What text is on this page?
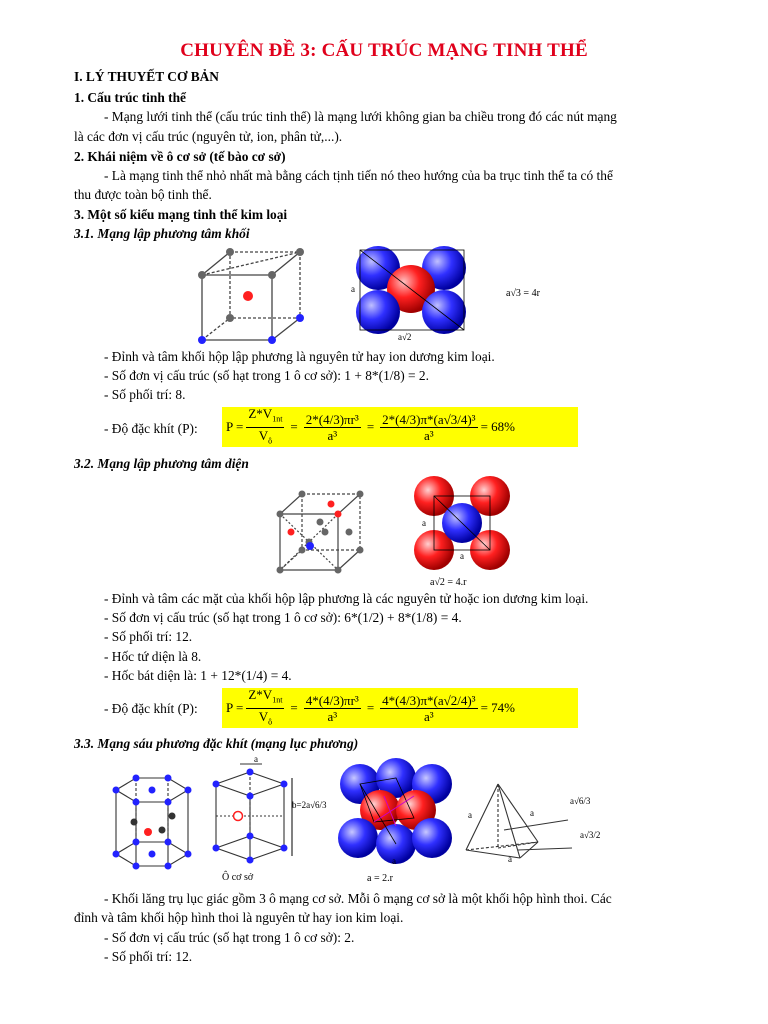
CHUYÊN ĐỀ 3: CẤU TRÚC MẠNG TINH THỂ
I. LÝ THUYẾT CƠ BẢN
1. Cấu trúc tinh thể
- Mạng lưới tinh thể (cấu trúc tinh thể) là mạng lưới không gian ba chiều trong đó các nút mạng
là các đơn vị cấu trúc (nguyên tử, ion, phân tử,...).
2. Khái niệm về ô cơ sở (tế bào cơ sở)
- Là mạng tinh thể nhỏ nhất mà bằng cách tịnh tiến nó theo hướng của ba trục tinh thể ta có thể
thu được toàn bộ tinh thể.
3. Một số kiểu mạng tinh thể kim loại
3.1. Mạng lập phương tâm khối
a
a√2
a√3 = 4r
- Đỉnh và tâm khối hộp lập phương là nguyên tử hay ion dương kim loại.
- Số đơn vị cấu trúc (số hạt trong 1 ô cơ sở): 1 + 8*(1/8) = 2.
- Số phối trí: 8.
- Độ đặc khít (P):	$P = \frac{Z*V_{1nt}}{V_ô} = \frac{\text{2*(4/3)πr³}}{\text{a³}} = \frac{\text{2*(4/3)π*(a√3/4)³}}{\text{a³}} = 68\%$
3.2. Mạng lập phương tâm diện
a
a
a√2 = 4.r
- Đỉnh và tâm các mặt của khối hộp lập phương là các nguyên tử hoặc ion dương kim loại.
- Số đơn vị cấu trúc (số hạt trong 1 ô cơ sở): 6*(1/2) + 8*(1/8) = 4.
- Số phối trí: 12.
- Hốc tứ diện là 8.
- Hốc bát diện là: 1 + 12*(1/4) = 4.
- Độ đặc khít (P):	$P = \frac{Z*V_{1nt}}{V_ô} = \frac{\text{4*(4/3)πr³}}{\text{a³}} = \frac{\text{4*(4/3)π*(a√2/4)³}}{\text{a³}} = 74\%$
3.3. Mạng sáu phương đặc khít (mạng lục phương)
a
b=2a√6/3
Ô cơ sở
a
a = 2.r
a	a
a
a√6/3
a√3/2
- Khối lăng trụ lục giác gồm 3 ô mạng cơ sở. Mỗi ô mạng cơ sở là một khối hộp hình thoi. Các
đỉnh và tâm khối hộp hình thoi là nguyên tử hay ion kim loại.
- Số đơn vị cấu trúc (số hạt trong 1 ô cơ sở): 2.
- Số phối trí: 12.
